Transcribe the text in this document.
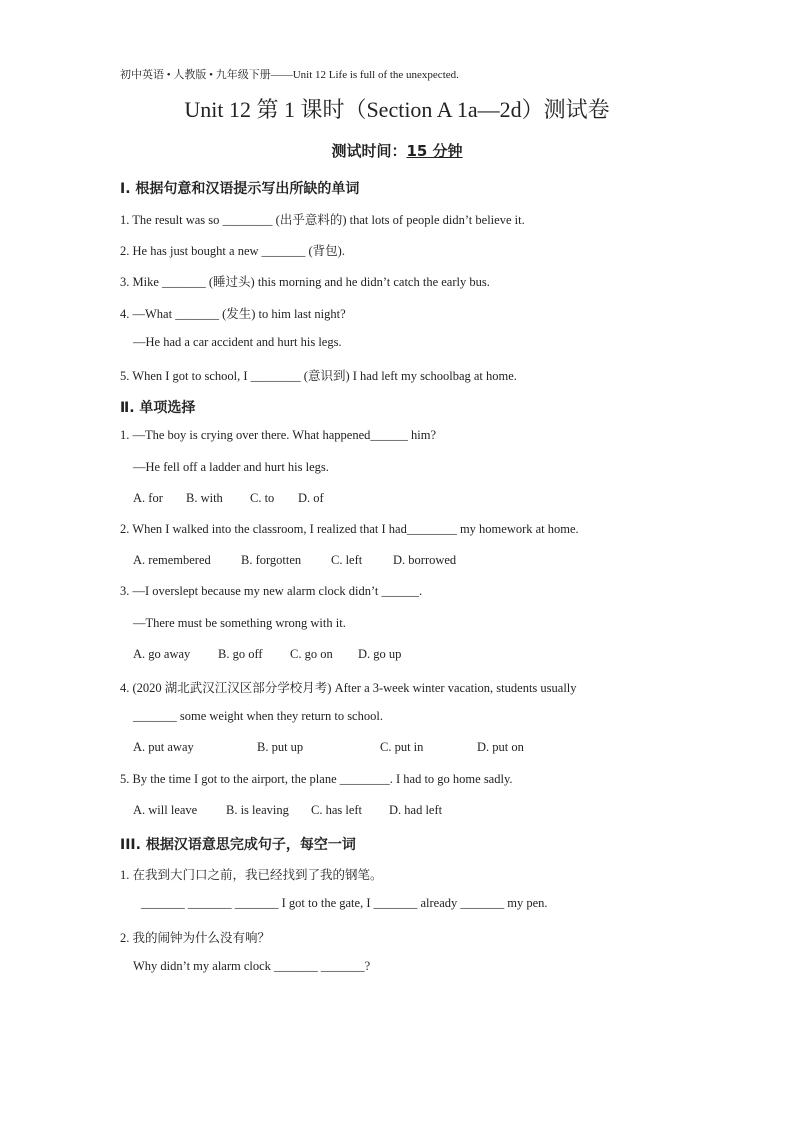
初中英语 • 人教版 • 九年级下册——Unit 12 Life is full of the unexpected.
Unit 12 第 1 课时（Section A 1a—2d）测试卷
测试时间：15 分钟
Ⅰ. 根据句意和汉语提示写出所缺的单词
1. The result was so ________ (出乎意料的) that lots of people didn’t believe it.
2. He has just bought a new _______ (背包).
3. Mike _______ (睡过头) this morning and he didn’t catch the early bus.
4. —What _______ (发生) to him last night?
—He had a car accident and hurt his legs.
5. When I got to school, I ________ (意识到) I had left my schoolbag at home.
Ⅱ. 单项选择
1. —The boy is crying over there. What happened______ him?
—He fell off a ladder and hurt his legs.
A. for B. with C. to D. of
2. When I walked into the classroom, I realized that I had________ my homework at home.
A. remembered B. forgotten C. left D. borrowed
3. —I overslept because my new alarm clock didn’t ______.
—There must be something wrong with it.
A. go away B. go off C. go on D. go up
4. (2020 湖北武汉江汉区部分学校月考) After a 3-week winter vacation, students usually
_______ some weight when they return to school.
A. put away	B. put up	C. put in	D. put on
5. By the time I got to the airport, the plane ________. I had to go home sadly.
A. will leave B. is leaving C. has left D. had left
III. 根据汉语意思完成句子，每空一词
1. 在我到大门口之前，我已经找到了我的钢笔。
_______ _______ _______ I got to the gate, I _______ already _______ my pen.
2. 我的闹钟为什么没有响？
Why didn’t my alarm clock _______ _______?
